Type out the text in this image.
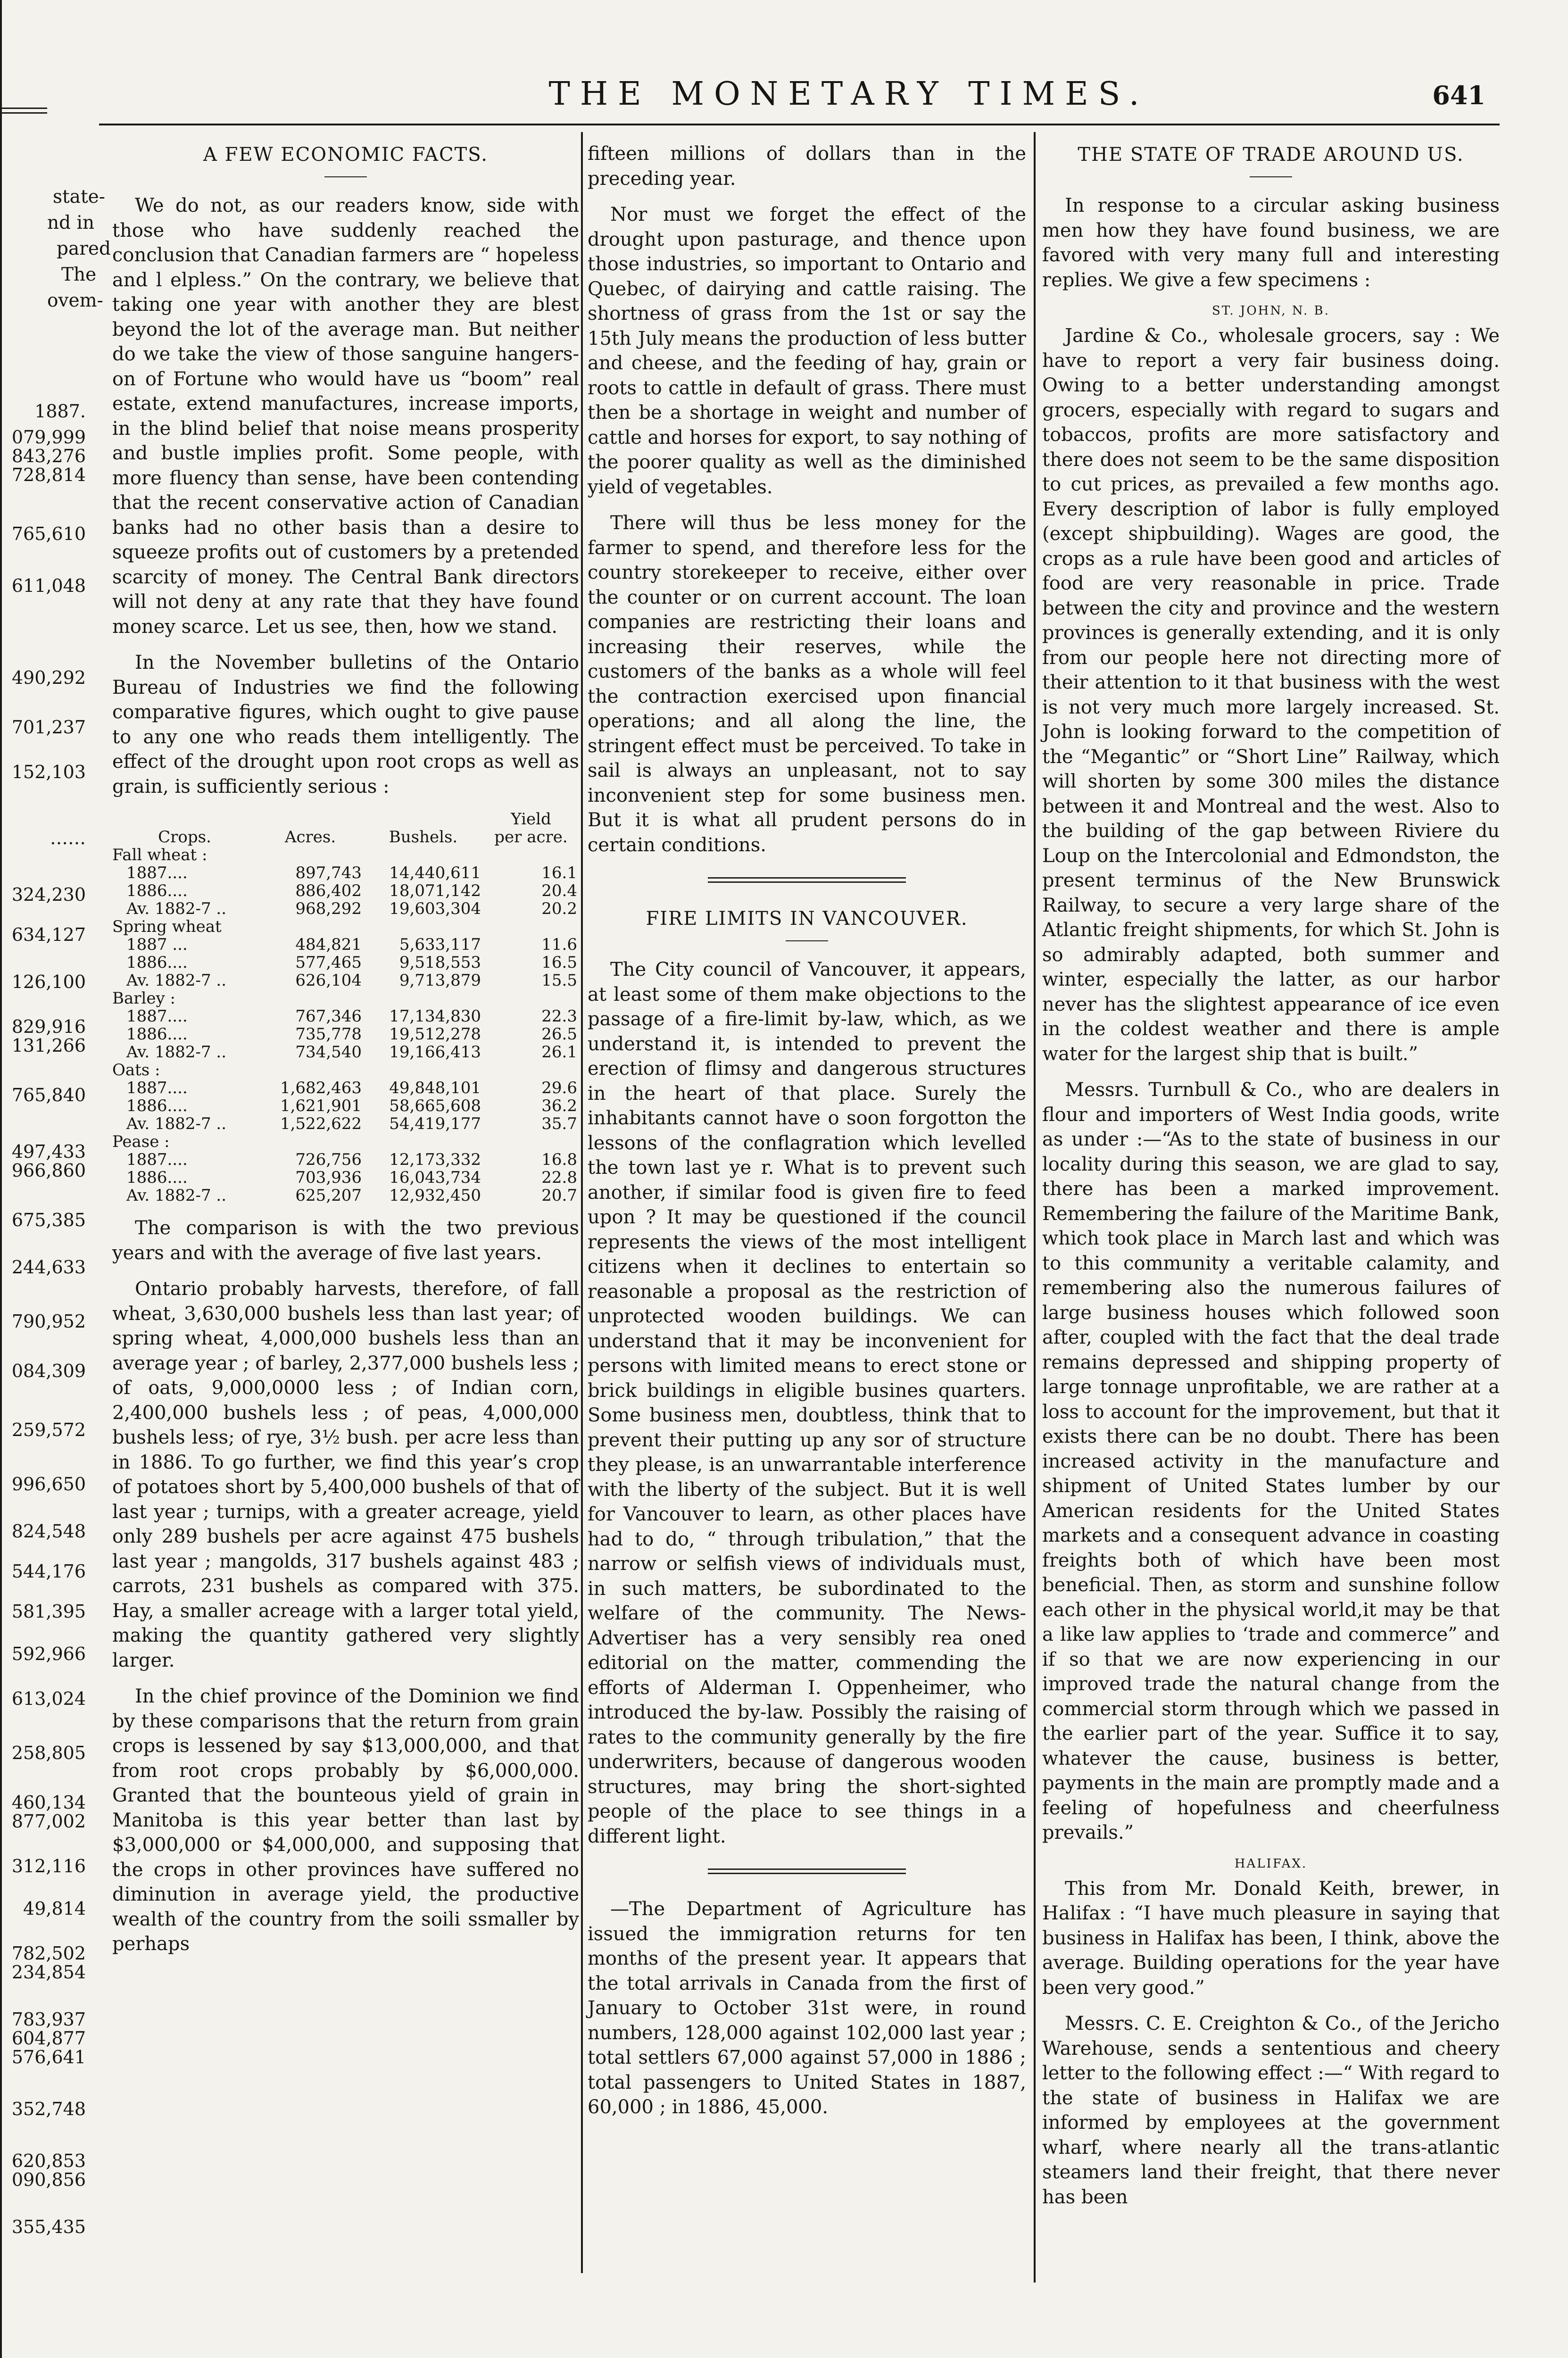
state-
nd in
pared
The
ovem-
1887.
079,999
843,276
728,814
765,610
611,048
490,292
701,237
152,103
……
324,230
634,127
126,100
829,916
131,266
765,840
497,433
966,860
675,385
244,633
790,952
084,309
259,572
996,650
824,548
544,176
581,395
592,966
613,024
258,805
460,134
877,002
312,116
49,814
782,502
234,854
783,937
604,877
576,641
352,748
620,853
090,856
355,435
THE MONETARY TIMES.	641
A FEW ECONOMIC FACTS.

We do not, as our readers know, side with those who have suddenly reached the conclusion that Canadian farmers are “ hopeless and l elpless.” On the contrary, we believe that taking one year with another they are blest beyond the lot of the average man. But neither do we take the view of those sanguine hangers-on of Fortune who would have us “boom” real estate, extend manufactures, increase imports, in the blind belief that noise means prosperity and bustle implies profit. Some people, with more fluency than sense, have been contending that the recent conservative action of Canadian banks had no other basis than a desire to squeeze profits out of customers by a pretended scarcity of money. The Central Bank directors will not deny at any rate that they have found money scarce. Let us see, then, how we stand.

In the November bulletins of the Ontario Bureau of Industries we find the following comparative figures, which ought to give pause to any one who reads them intelligently. The effect of the drought upon root crops as well as grain, is sufficiently serious :

			Yield
Crops.	Acres.	Bushels.	per acre.
Fall wheat :			
1887....	897,743	14,440,611	16.1
1886....	886,402	18,071,142	20.4
Av. 1882-7 ..	968,292	19,603,304	20.2
Spring wheat			
1887 ...	484,821	5,633,117	11.6
1886....	577,465	9,518,553	16.5
Av. 1882-7 ..	626,104	9,713,879	15.5
Barley :			
1887....	767,346	17,134,830	22.3
1886....	735,778	19,512,278	26.5
Av. 1882-7 ..	734,540	19,166,413	26.1
Oats :			
1887....	1,682,463	49,848,101	29.6
1886....	1,621,901	58,665,608	36.2
Av. 1882-7 ..	1,522,622	54,419,177	35.7
Pease :			
1887....	726,756	12,173,332	16.8
1886....	703,936	16,043,734	22.8
Av. 1882-7 ..	625,207	12,932,450	20.7

The comparison is with the two previous years and with the average of five last years.

Ontario probably harvests, therefore, of fall wheat, 3,630,000 bushels less than last year; of spring wheat, 4,000,000 bushels less than an average year ; of barley, 2,377,000 bushels less ; of oats, 9,000,0000 less ; of Indian corn, 2,400,000 bushels less ; of peas, 4,000,000 bushels less; of rye, 3½ bush. per acre less than in 1886. To go further, we find this year’s crop of potatoes short by 5,400,000 bushels of that of last year ; turnips, with a greater acreage, yield only 289 bushels per acre against 475 bushels last year ; mangolds, 317 bushels against 483 ; carrots, 231 bushels as compared with 375. Hay, a smaller acreage with a larger total yield, making the quantity gathered very slightly larger.

In the chief province of the Dominion we find by these comparisons that the return from grain crops is lessened by say $13,000,000, and that from root crops probably by $6,000,000. Granted that the bounteous yield of grain in Manitoba is this year better than last by $3,000,000 or $4,000,000, and supposing that the crops in other provinces have suffered no diminution in average yield, the productive wealth of the country from the soili ssmaller by perhaps

fifteen millions of dollars than in the preceding year.

Nor must we forget the effect of the drought upon pasturage, and thence upon those industries, so important to Ontario and Quebec, of dairying and cattle raising. The shortness of grass from the 1st or say the 15th July means the production of less butter and cheese, and the feeding of hay, grain or roots to cattle in default of grass. There must then be a shortage in weight and number of cattle and horses for export, to say nothing of the poorer quality as well as the diminished yield of vegetables.

There will thus be less money for the farmer to spend, and therefore less for the country storekeeper to receive, either over the counter or on current account. The loan companies are restricting their loans and increasing their reserves, while the customers of the banks as a whole will feel the contraction exercised upon financial operations; and all along the line, the stringent effect must be perceived. To take in sail is always an unpleasant, not to say inconvenient step for some business men. But it is what all prudent persons do in certain conditions.

FIRE LIMITS IN VANCOUVER.

The City council of Vancouver, it appears, at least some of them make objections to the passage of a fire-limit by-law, which, as we understand it, is intended to prevent the erection of flimsy and dangerous structures in the heart of that place. Surely the inhabitants cannot have o soon forgotton the lessons of the conflagration which levelled the town last ye r. What is to prevent such another, if similar food is given fire to feed upon ? It may be questioned if the council represents the views of the most intelligent citizens when it declines to entertain so reasonable a proposal as the restriction of unprotected wooden buildings. We can understand that it may be inconvenient for persons with limited means to erect stone or brick buildings in eligible busines quarters. Some business men, doubtless, think that to prevent their putting up any sor of structure they please, is an unwarrantable interference with the liberty of the subject. But it is well for Vancouver to learn, as other places have had to do, “ through tribulation,” that the narrow or selfish views of individuals must, in such matters, be subordinated to the welfare of the community. The News-Advertiser has a very sensibly rea oned editorial on the matter, commending the efforts of Alderman I. Oppenheimer, who introduced the by-law. Possibly the raising of rates to the community generally by the fire underwriters, because of dangerous wooden structures, may bring the short-sighted people of the place to see things in a different light.

—The Department of Agriculture has issued the immigration returns for ten months of the present year. It appears that the total arrivals in Canada from the first of January to October 31st were, in round numbers, 128,000 against 102,000 last year ; total settlers 67,000 against 57,000 in 1886 ; total passengers to United States in 1887, 60,000 ; in 1886, 45,000.

THE STATE OF TRADE AROUND US.

In response to a circular asking business men how they have found business, we are favored with very many full and interesting replies. We give a few specimens :

ST. JOHN, N. B.

Jardine & Co., wholesale grocers, say : We have to report a very fair business doing. Owing to a better understanding amongst grocers, especially with regard to sugars and tobaccos, profits are more satisfactory and there does not seem to be the same disposition to cut prices, as prevailed a few months ago. Every description of labor is fully employed (except shipbuilding). Wages are good, the crops as a rule have been good and articles of food are very reasonable in price. Trade between the city and province and the western provinces is generally extending, and it is only from our people here not directing more of their attention to it that business with the west is not very much more largely increased. St. John is looking forward to the competition of the “Megantic” or “Short Line” Railway, which will shorten by some 300 miles the distance between it and Montreal and the west. Also to the building of the gap between Riviere du Loup on the Intercolonial and Edmondston, the present terminus of the New Brunswick Railway, to secure a very large share of the Atlantic freight shipments, for which St. John is so admirably adapted, both summer and winter, especially the latter, as our harbor never has the slightest appearance of ice even in the coldest weather and there is ample water for the largest ship that is built.”

Messrs. Turnbull & Co., who are dealers in flour and importers of West India goods, write as under :—“As to the state of business in our locality during this season, we are glad to say, there has been a marked improvement. Remembering the failure of the Maritime Bank, which took place in March last and which was to this community a veritable calamity, and remembering also the numerous failures of large business houses which followed soon after, coupled with the fact that the deal trade remains depressed and shipping property of large tonnage unprofitable, we are rather at a loss to account for the improvement, but that it exists there can be no doubt. There has been increased activity in the manufacture and shipment of United States lumber by our American residents for the United States markets and a consequent advance in coasting freights both of which have been most beneficial. Then, as storm and sunshine follow each other in the physical world,it may be that a like law applies to ‘trade and commerce” and if so that we are now experiencing in our improved trade the natural change from the commercial storm through which we passed in the earlier part of the year. Suffice it to say, whatever the cause, business is better, payments in the main are promptly made and a feeling of hopefulness and cheerfulness prevails.”

HALIFAX.

This from Mr. Donald Keith, brewer, in Halifax : “I have much pleasure in saying that business in Halifax has been, I think, above the average. Building operations for the year have been very good.”

Messrs. C. E. Creighton & Co., of the Jericho Warehouse, sends a sententious and cheery letter to the following effect :—“ With regard to the state of business in Halifax we are informed by employees at the government wharf, where nearly all the trans-atlantic steamers land their freight, that there never has been
